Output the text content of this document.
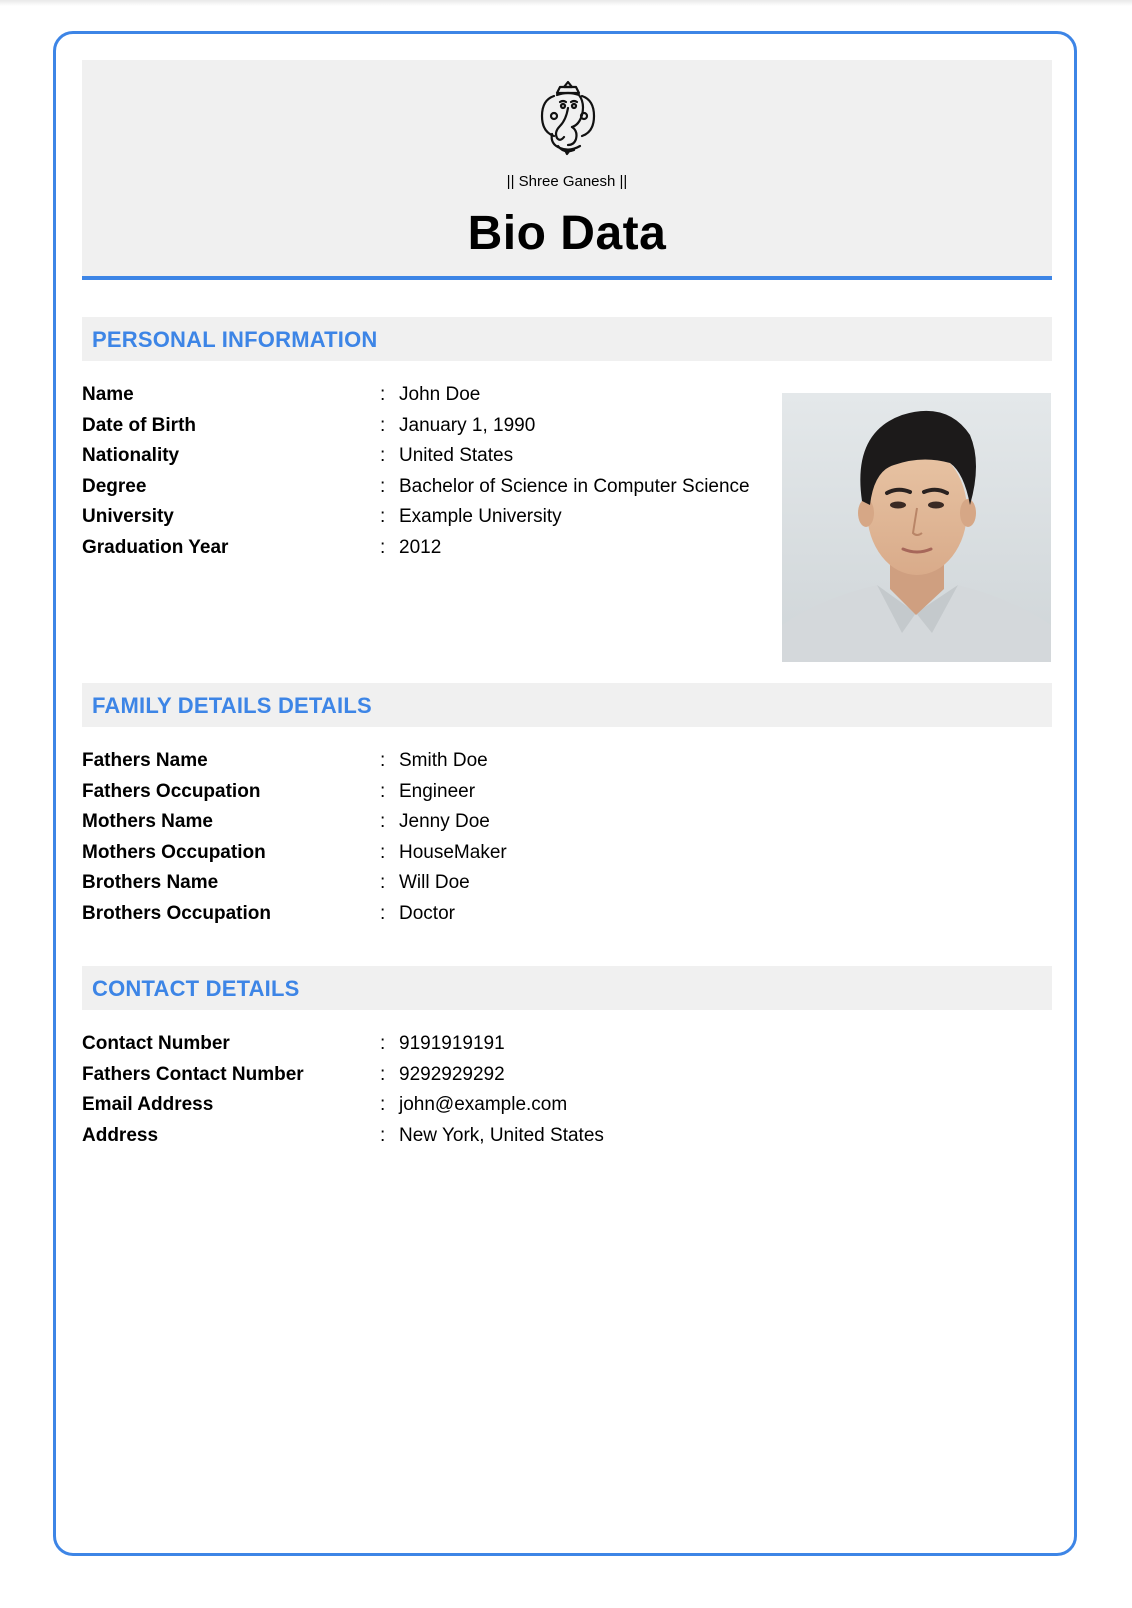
|| Shree Ganesh ||
Bio Data
PERSONAL INFORMATION
Name	: John Doe
Date of Birth	: January 1, 1990
Nationality	: United States
Degree	: Bachelor of Science in Computer Science
University	: Example University
Graduation Year	: 2012
FAMILY DETAILS DETAILS
Fathers Name	: Smith Doe
Fathers Occupation	: Engineer
Mothers Name	: Jenny Doe
Mothers Occupation	: HouseMaker
Brothers Name	: Will Doe
Brothers Occupation	: Doctor
CONTACT DETAILS
Contact Number	: 9191919191
Fathers Contact Number	: 9292929292
Email Address	: john@example.com
Address	: New York, United States
